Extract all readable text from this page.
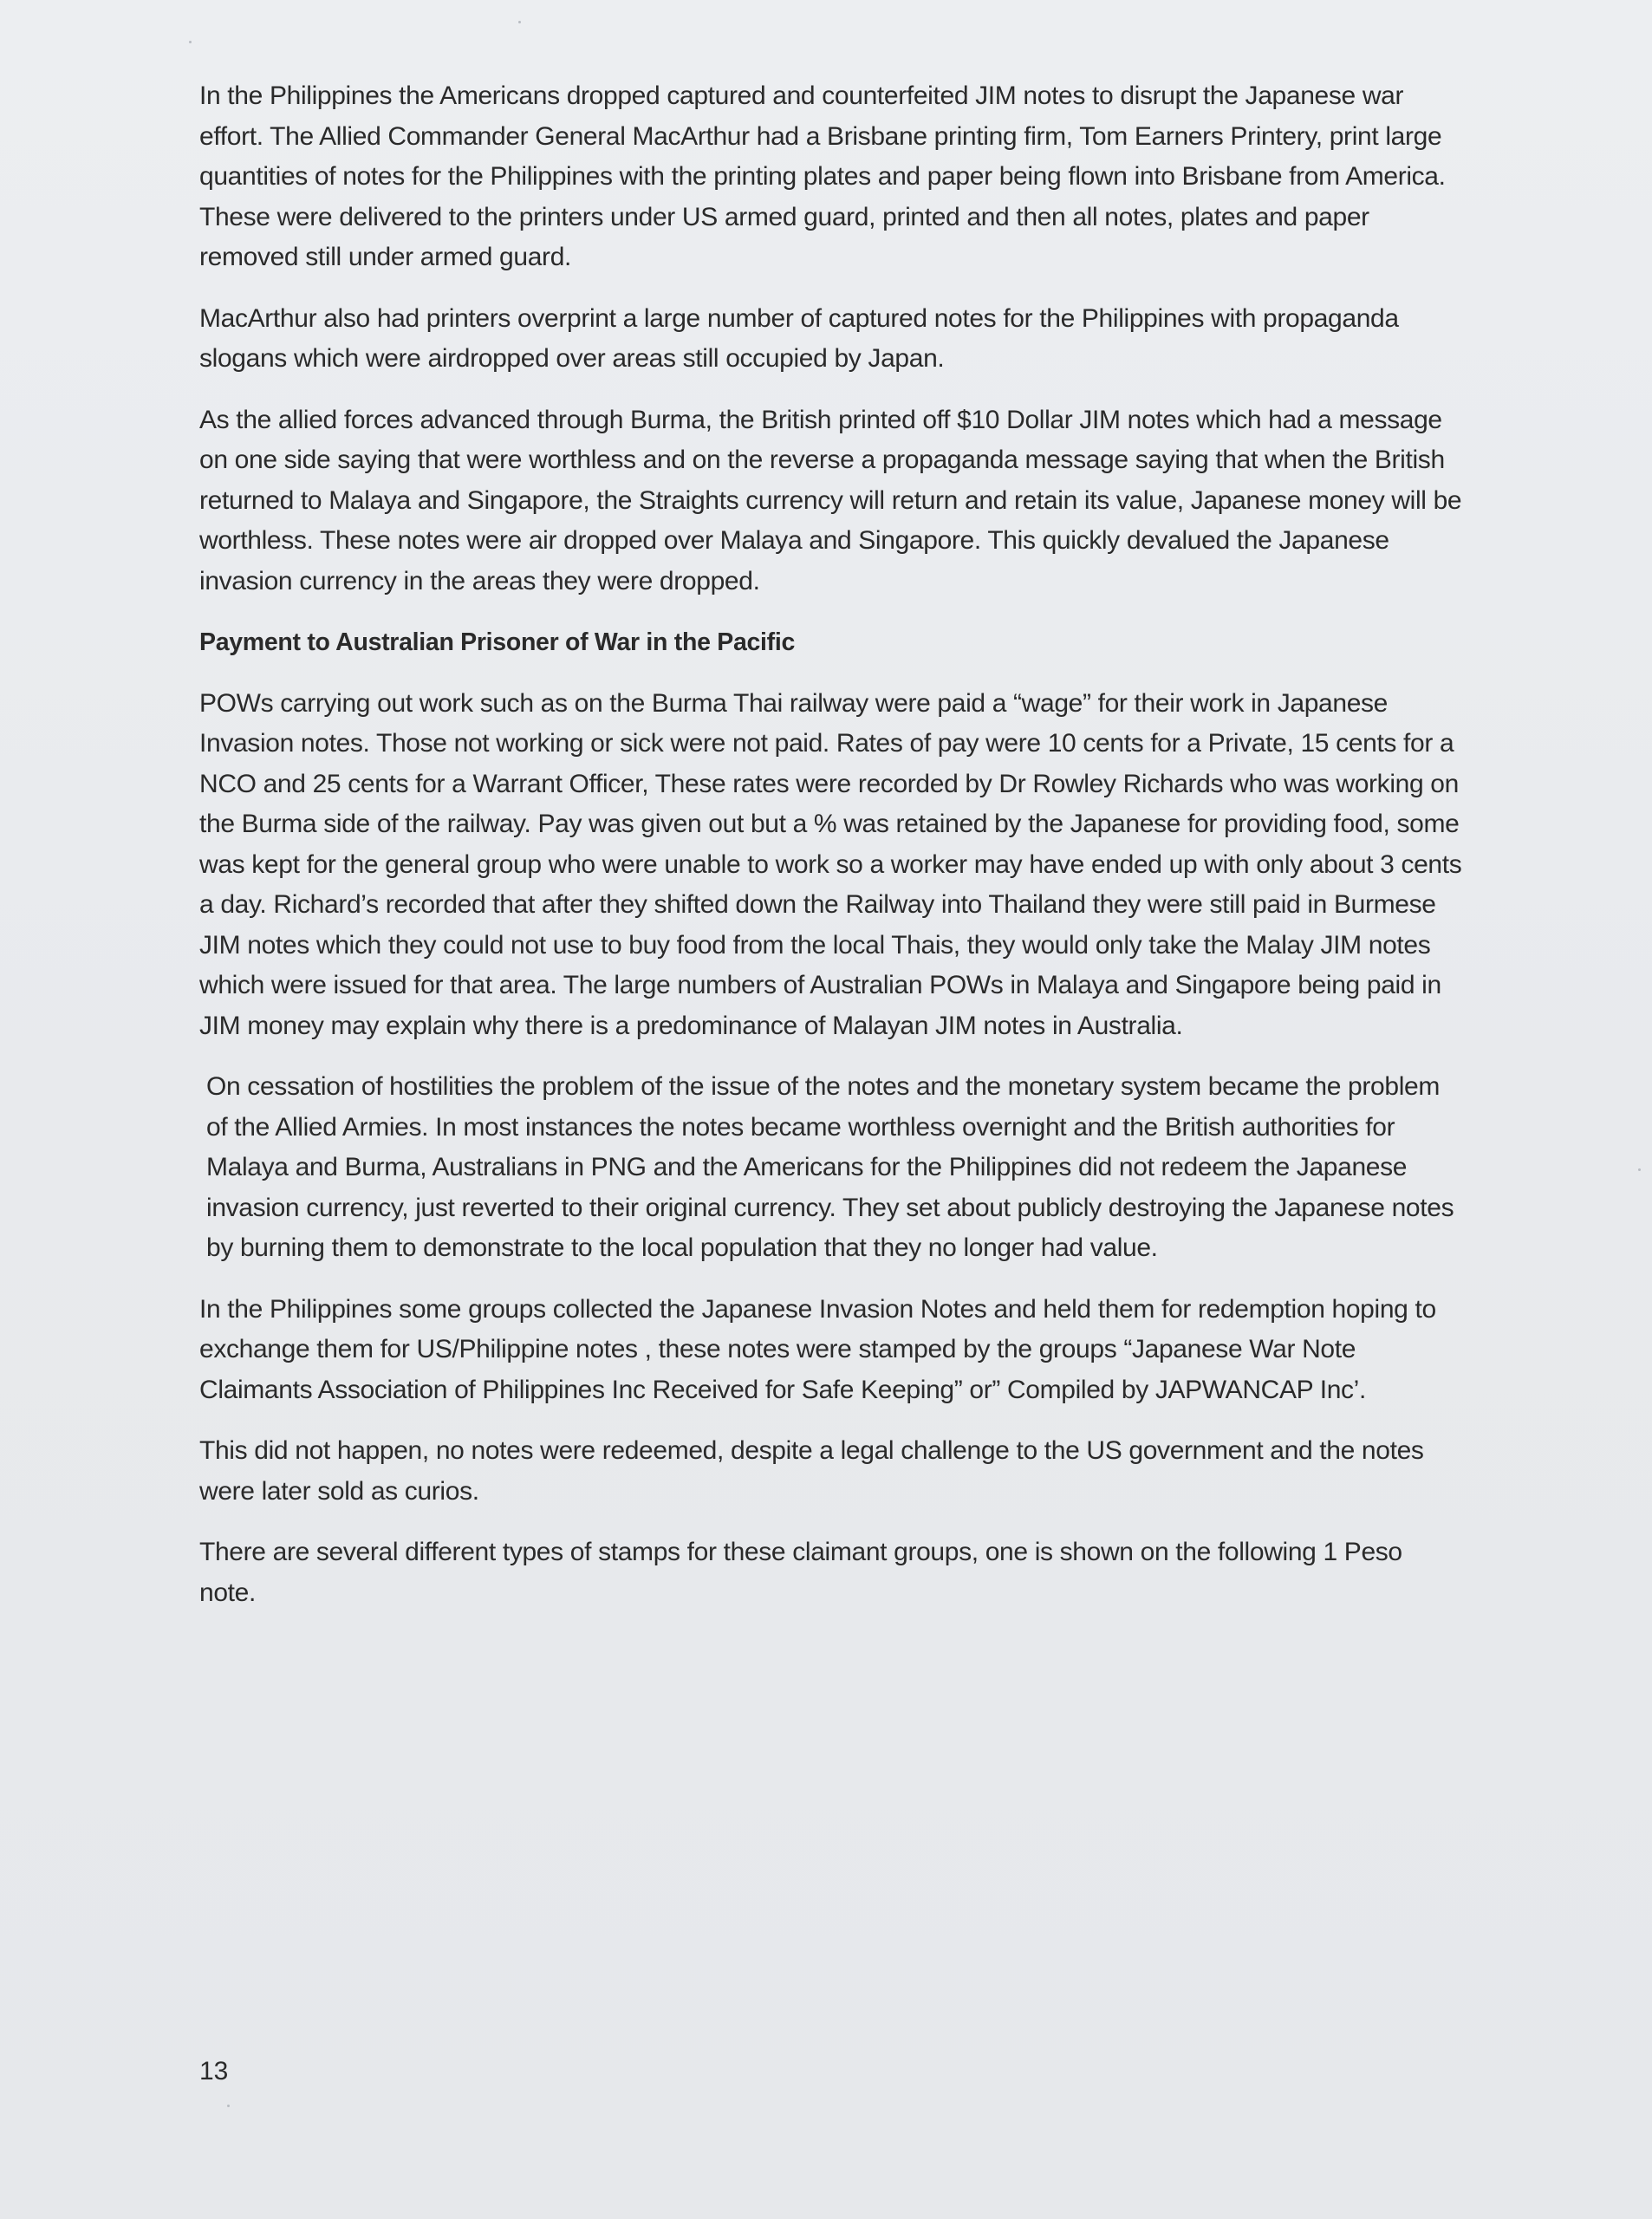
In the Philippines the Americans dropped captured and counterfeited JIM notes to disrupt the Japanese war effort. The Allied Commander General MacArthur had a Brisbane printing firm, Tom Earners Printery, print large quantities of notes for the Philippines with the printing plates and paper being flown into Brisbane from America. These were delivered to the printers under US armed guard, printed and then all notes, plates and paper removed still under armed guard.

MacArthur also had printers overprint a large number of captured notes for the Philippines with propaganda slogans which were airdropped over areas still occupied by Japan.

As the allied forces advanced through Burma, the British printed off $10 Dollar JIM notes which had a message on one side saying that were worthless and on the reverse a propaganda message saying that when the British returned to Malaya and Singapore, the Straights currency will return and retain its value, Japanese money will be worthless. These notes were air dropped over Malaya and Singapore. This quickly devalued the Japanese invasion currency in the areas they were dropped.

Payment to Australian Prisoner of War in the Pacific

POWs carrying out work such as on the Burma Thai railway were paid a “wage” for their work in Japanese Invasion notes. Those not working or sick were not paid. Rates of pay were 10 cents for a Private, 15 cents for a NCO and 25 cents for a Warrant Officer, These rates were recorded by Dr Rowley Richards who was working on the Burma side of the railway. Pay was given out but a % was retained by the Japanese for providing food, some was kept for the general group who were unable to work so a worker may have ended up with only about 3 cents a day. Richard’s recorded that after they shifted down the Railway into Thailand they were still paid in Burmese JIM notes which they could not use to buy food from the local Thais, they would only take the Malay JIM notes which were issued for that area. The large numbers of Australian POWs in Malaya and Singapore being paid in JIM money may explain why there is a predominance of Malayan JIM notes in Australia.

On cessation of hostilities the problem of the issue of the notes and the monetary system became the problem of the Allied Armies. In most instances the notes became worthless overnight and the British authorities for Malaya and Burma, Australians in PNG and the Americans for the Philippines did not redeem the Japanese invasion currency, just reverted to their original currency. They set about publicly destroying the Japanese notes by burning them to demonstrate to the local population that they no longer had value.

In the Philippines some groups collected the Japanese Invasion Notes and held them for redemption hoping to exchange them for US/Philippine notes , these notes were stamped by the groups “Japanese War Note Claimants Association of Philippines Inc Received for Safe Keeping” or” Compiled by JAPWANCAP Inc’.

This did not happen, no notes were redeemed, despite a legal challenge to the US government and the notes were later sold as curios.

There are several different types of stamps for these claimant groups, one is shown on the following 1 Peso note.

13
